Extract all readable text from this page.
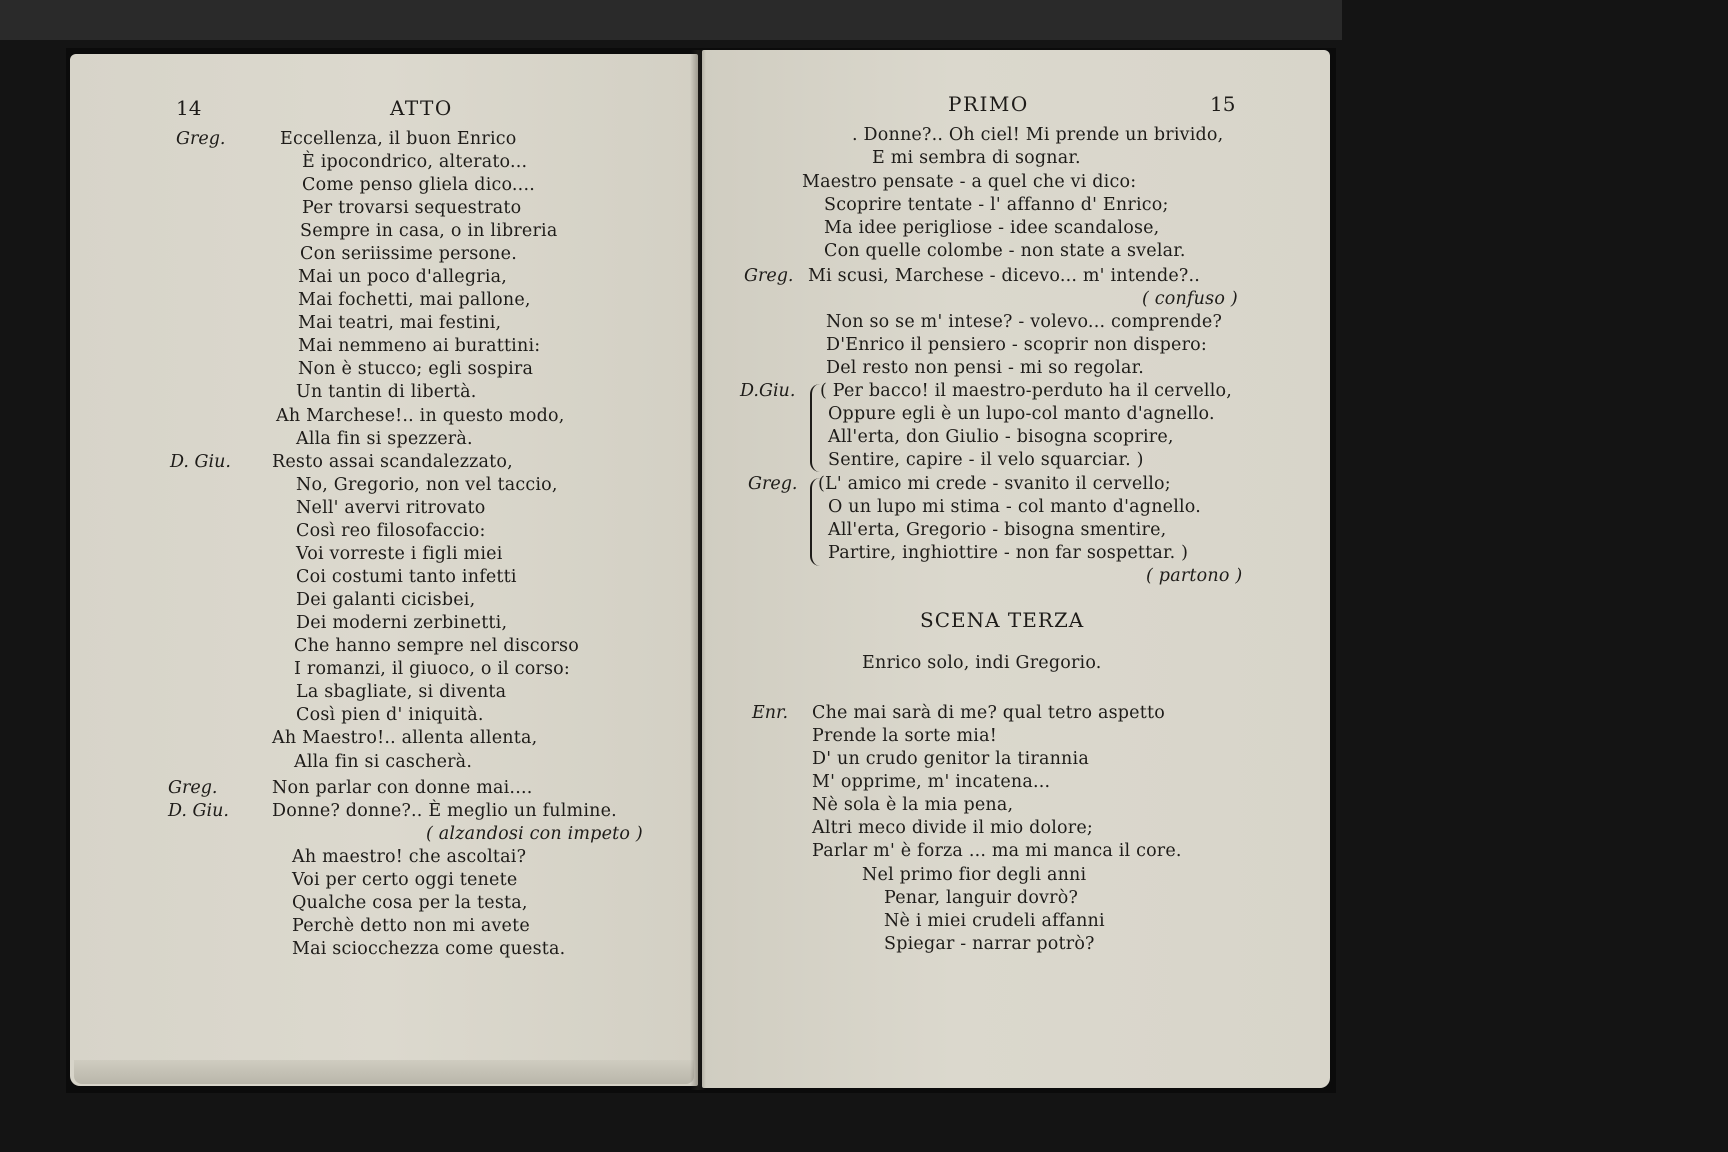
14	ATTO
Greg.
D. Giu.
Greg.
D. Giu.
Eccellenza, il buon Enrico
È ipocondrico, alterato...
Come penso gliela dico....
Per trovarsi sequestrato
Sempre in casa, o in libreria
Con seriissime persone.
Mai un poco d'allegria,
Mai fochetti, mai pallone,
Mai teatri, mai festini,
Mai nemmeno ai burattini:
Non è stucco; egli sospira
Un tantin di libertà.
Ah Marchese!.. in questo modo,
Alla fin si spezzerà.
Resto assai scandalezzato,
No, Gregorio, non vel taccio,
Nell' avervi ritrovato
Così reo filosofaccio:
Voi vorreste i figli miei
Coi costumi tanto infetti
Dei galanti cicisbei,
Dei moderni zerbinetti,
Che hanno sempre nel discorso
I romanzi, il giuoco, o il corso:
La sbagliate, si diventa
Così pien d' iniquità.
Ah Maestro!.. allenta allenta,
Alla fin si cascherà.
Non parlar con donne mai....
Donne? donne?.. È meglio un fulmine.
( alzandosi con impeto )
Ah maestro! che ascoltai?
Voi per certo oggi tenete
Qualche cosa per la testa,
Perchè detto non mi avete
Mai sciocchezza come questa.
PRIMO	15
Greg.
D.Giu.
Greg.
Enr.
. Donne?.. Oh ciel! Mi prende un brivido,
E mi sembra di sognar.
Maestro pensate - a quel che vi dico:
Scoprire tentate - l' affanno d' Enrico;
Ma idee perigliose - idee scandalose,
Con quelle colombe - non state a svelar.
Mi scusi, Marchese - dicevo... m' intende?..
( confuso )
Non so se m' intese? - volevo... comprende?
D'Enrico il pensiero - scoprir non dispero:
Del resto non pensi - mi so regolar.
( Per bacco! il maestro-perduto ha il cervello,
Oppure egli è un lupo-col manto d'agnello.
All'erta, don Giulio - bisogna scoprire,
Sentire, capire - il velo squarciar. )
(L' amico mi crede - svanito il cervello;
O un lupo mi stima - col manto d'agnello.
All'erta, Gregorio - bisogna smentire,
Partire, inghiottire - non far sospettar. )
( partono )
SCENA TERZA
Enrico solo, indi Gregorio.
Che mai sarà di me? qual tetro aspetto
Prende la sorte mia!
D' un crudo genitor la tirannia
M' opprime, m' incatena...
Nè sola è la mia pena,
Altri meco divide il mio dolore;
Parlar m' è forza ... ma mi manca il core.
Nel primo fior degli anni
Penar, languir dovrò?
Nè i miei crudeli affanni
Spiegar - narrar potrò?
